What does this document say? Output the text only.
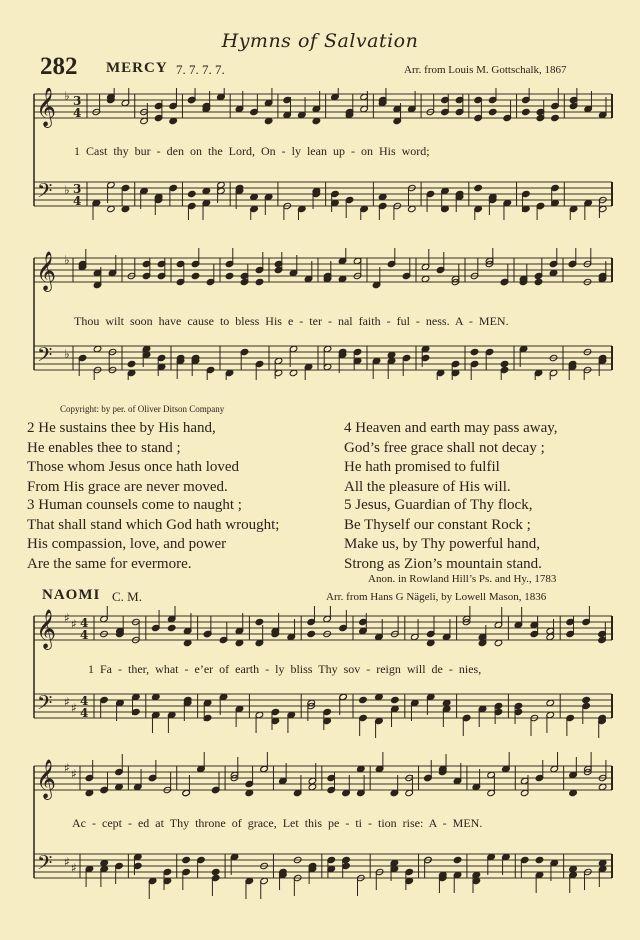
Hymns of Salvation
282 MERCY 7. 7. 7. 7.	Arr. from Louis M. Gottschalk, 1867
𝄞
𝄢
♭
♭
3
4
3
4
1 Cast thy bur - den on the Lord, On - ly lean up - on His word;
𝄞
𝄢
♭
♭
Thou wilt soon have cause to bless His e - ter - nal faith - ful - ness. A - MEN.
Copyright: by per. of Oliver Ditson Company
2 He sustains thee by His hand,
He enables thee to stand ;
Those whom Jesus once hath loved
From His grace are never moved.
3 Human counsels come to naught ;
That shall stand which God hath wrought;
His compassion, love, and power
Are the same for evermore.
4 Heaven and earth may pass away,
God’s free grace shall not decay ;
He hath promised to fulfil
All the pleasure of His will.
5 Jesus, Guardian of Thy flock,
Be Thyself our constant Rock ;
Make us, by Thy powerful hand,
Strong as Zion’s mountain stand.
Anon. in Rowland Hill’s Ps. and Hy., 1783
NAOMI C. M.	Arr. from Hans G Nägeli, by Lowell Mason, 1836
𝄞
𝄢
♯
♯
♯
♯
4
4
4
4
1 Fa - ther, what - e’er of earth - ly bliss Thy sov - reign will de - nies,
𝄞
𝄢
♯
♯
♯
♯
Ac - cept - ed at Thy throne of grace, Let this pe - ti - tion rise: A - MEN.
